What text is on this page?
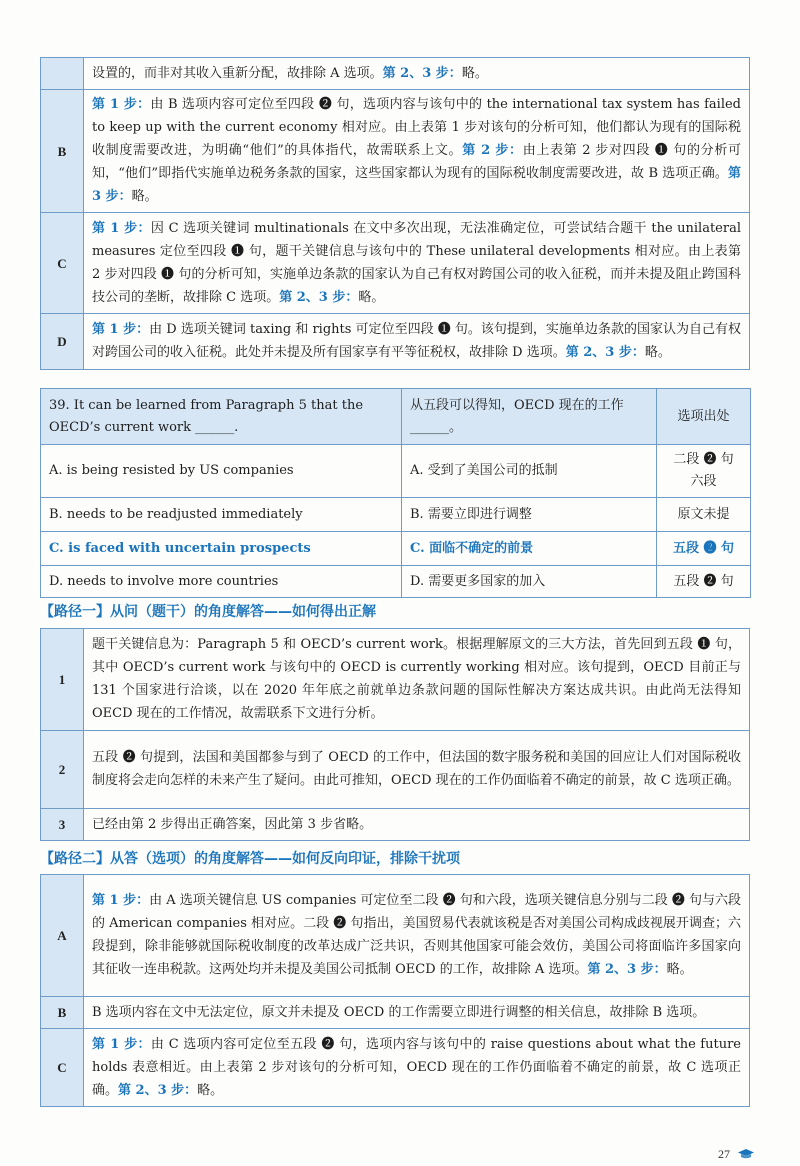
	设置的，而非对其收入重新分配，故排除 A 选项。第 2、3 步：略。
B	第 1 步：由 B 选项内容可定位至四段 ❷ 句，选项内容与该句中的 the international tax system has failed to keep up with the current economy 相对应。由上表第 1 步对该句的分析可知，他们都认为现有的国际税收制度需要改进，为明确“他们”的具体指代，故需联系上文。第 2 步：由上表第 2 步对四段 ❶ 句的分析可知，“他们”即指代实施单边税务条款的国家，这些国家都认为现有的国际税收制度需要改进，故 B 选项正确。第 3 步：略。
C	第 1 步：因 C 选项关键词 multinationals 在文中多次出现，无法准确定位，可尝试结合题干 the unilateral measures 定位至四段 ❶ 句，题干关键信息与该句中的 These unilateral developments 相对应。由上表第 2 步对四段 ❶ 句的分析可知，实施单边条款的国家认为自己有权对跨国公司的收入征税，而并未提及阻止跨国科技公司的垄断，故排除 C 选项。第 2、3 步：略。
D	第 1 步：由 D 选项关键词 taxing 和 rights 可定位至四段 ❶ 句。该句提到，实施单边条款的国家认为自己有权对跨国公司的收入征税。此处并未提及所有国家享有平等征税权，故排除 D 选项。第 2、3 步：略。
39. It can be learned from Paragraph 5 that the OECD’s current work ______.	从五段可以得知，OECD 现在的工作______。	选项出处
A. is being resisted by US companies	A. 受到了美国公司的抵制	二段 ❷ 句 六段
B. needs to be readjusted immediately	B. 需要立即进行调整	原文未提
C. is faced with uncertain prospects	C. 面临不确定的前景	五段 ❷ 句
D. needs to involve more countries	D. 需要更多国家的加入	五段 ❷ 句
【路径一】从问（题干）的角度解答——如何得出正解
1	题干关键信息为：Paragraph 5 和 OECD’s current work。根据理解原文的三大方法，首先回到五段 ❶ 句，其中 OECD’s current work 与该句中的 OECD is currently working 相对应。该句提到，OECD 目前正与 131 个国家进行洽谈，以在 2020 年年底之前就单边条款问题的国际性解决方案达成共识。由此尚无法得知 OECD 现在的工作情况，故需联系下文进行分析。
2	五段 ❷ 句提到，法国和美国都参与到了 OECD 的工作中，但法国的数字服务税和美国的回应让人们对国际税收制度将会走向怎样的未来产生了疑问。由此可推知，OECD 现在的工作仍面临着不确定的前景，故 C 选项正确。
3	已经由第 2 步得出正确答案，因此第 3 步省略。
【路径二】从答（选项）的角度解答——如何反向印证，排除干扰项
A	第 1 步：由 A 选项关键信息 US companies 可定位至二段 ❷ 句和六段，选项关键信息分别与二段 ❷ 句与六段的 American companies 相对应。二段 ❷ 句指出，美国贸易代表就该税是否对美国公司构成歧视展开调查；六段提到，除非能够就国际税收制度的改革达成广泛共识，否则其他国家可能会效仿，美国公司将面临许多国家向其征收一连串税款。这两处均并未提及美国公司抵制 OECD 的工作，故排除 A 选项。第 2、3 步：略。
B	B 选项内容在文中无法定位，原文并未提及 OECD 的工作需要立即进行调整的相关信息，故排除 B 选项。
C	第 1 步：由 C 选项内容可定位至五段 ❷ 句，选项内容与该句中的 raise questions about what the future holds 表意相近。由上表第 2 步对该句的分析可知，OECD 现在的工作仍面临着不确定的前景，故 C 选项正确。第 2、3 步：略。
27
